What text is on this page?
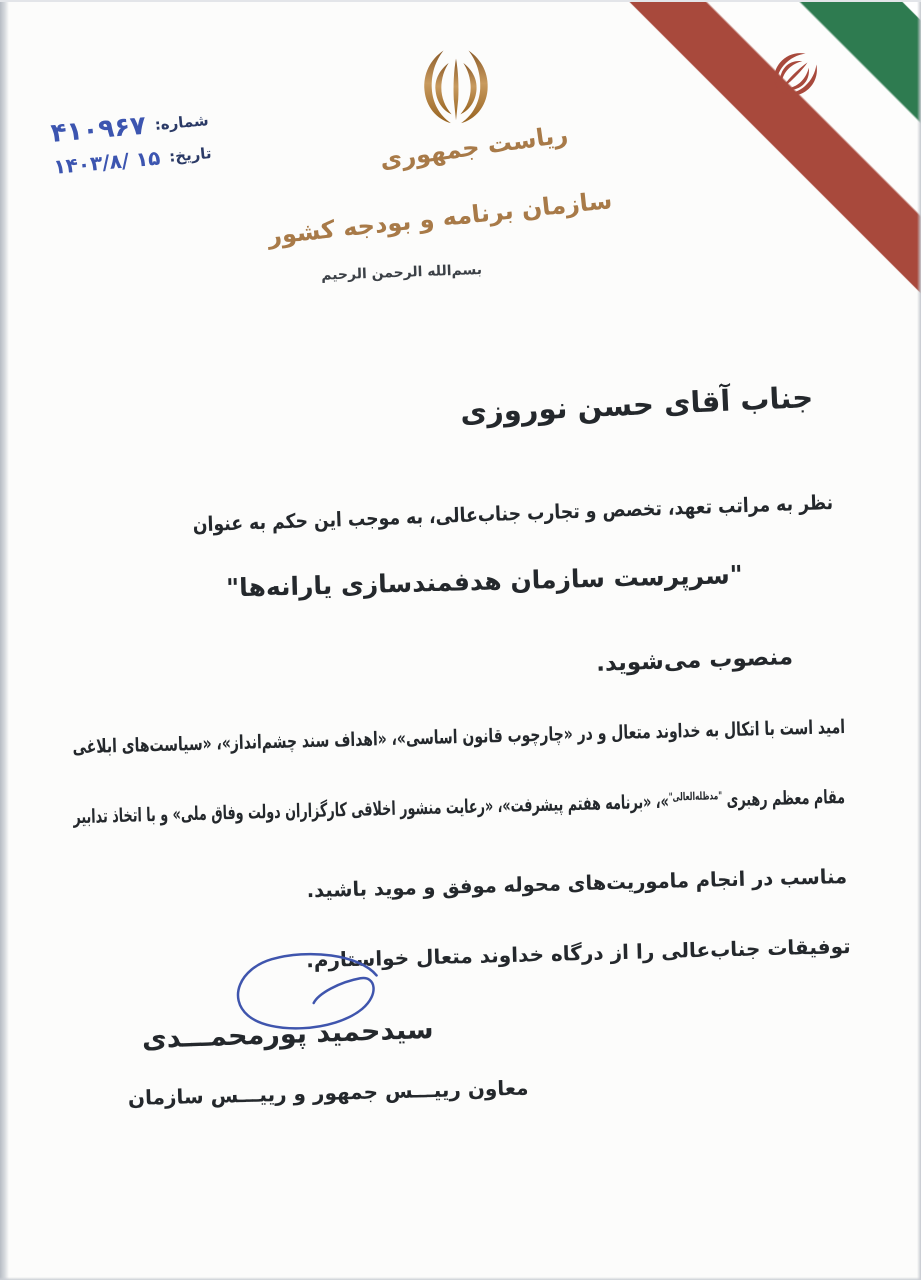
شماره:
۴۱۰۹۶۷
تاریخ:
۱۴۰۳/۸/ ۱۵	ریاست جمهوری
سازمان برنامه و بودجه کشور
بسم‌الله الرحمن الرحیم
جناب آقای حسن نوروزی
نظر به مراتب تعهد، تخصص و تجارب جناب‌عالی، به موجب این حکم به عنوان
"سرپرست سازمان هدفمندسازی یارانه‌ها"
منصوب می‌شوید.
امید است با اتکال به خداوند متعال و در «چارچوب قانون اساسی»، «اهداف سند چشم‌انداز»، «سیاست‌های ابلاغی
مقام معظم رهبری $^{"مدظله‌العالی"}$»، «برنامه هفتم پیشرفت»، «رعایت منشور اخلاقی کارگزاران دولت وفاق ملی» و با اتخاذ تدابیر
مناسب در انجام ماموریت‌های محوله موفق و موید باشید.
توفیقات جناب‌عالی را از درگاه خداوند متعال خواستارم.
سیدحمید پورمحمـــدی
معاون رییـــس جمهور و رییـــس سازمان
